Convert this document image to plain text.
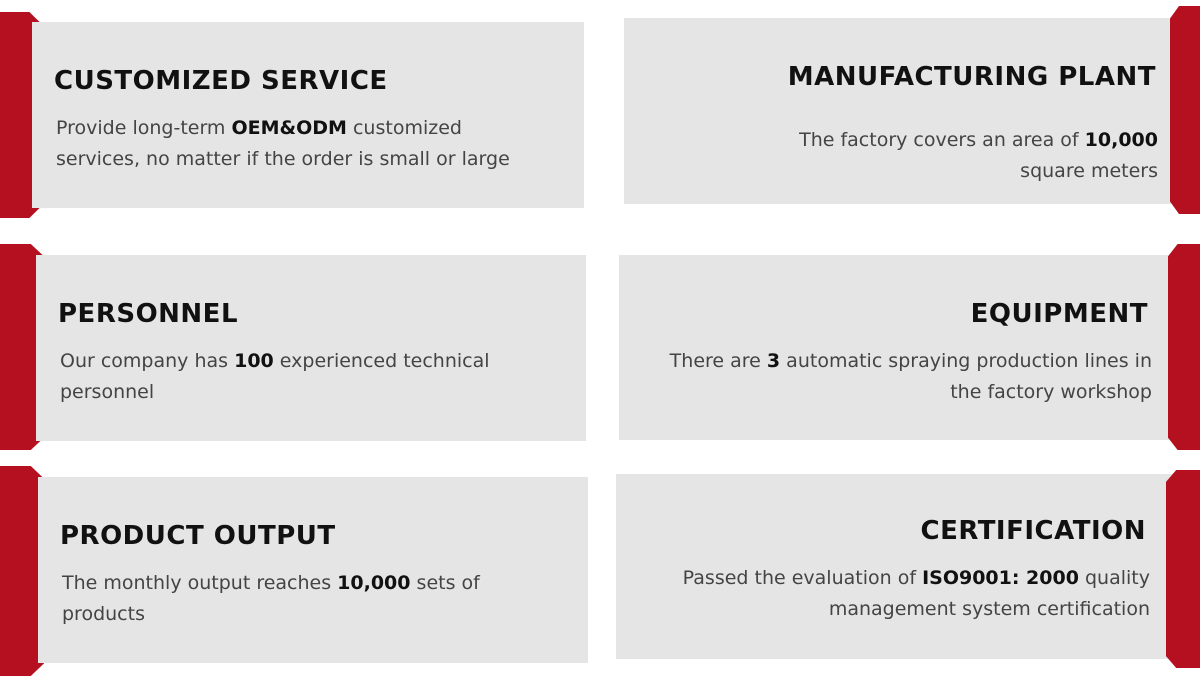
CUSTOMIZED SERVICE
Provide long-term OEM&ODM customized services, no matter if the order is small or large
MANUFACTURING PLANT
The factory covers an area of 10,000 square meters
PERSONNEL
Our company has 100 experienced technical personnel
EQUIPMENT
There are 3 automatic spraying production lines in the factory workshop
PRODUCT OUTPUT
The monthly output reaches 10,000 sets of products
CERTIFICATION
Passed the evaluation of ISO9001: 2000 quality management system certification
